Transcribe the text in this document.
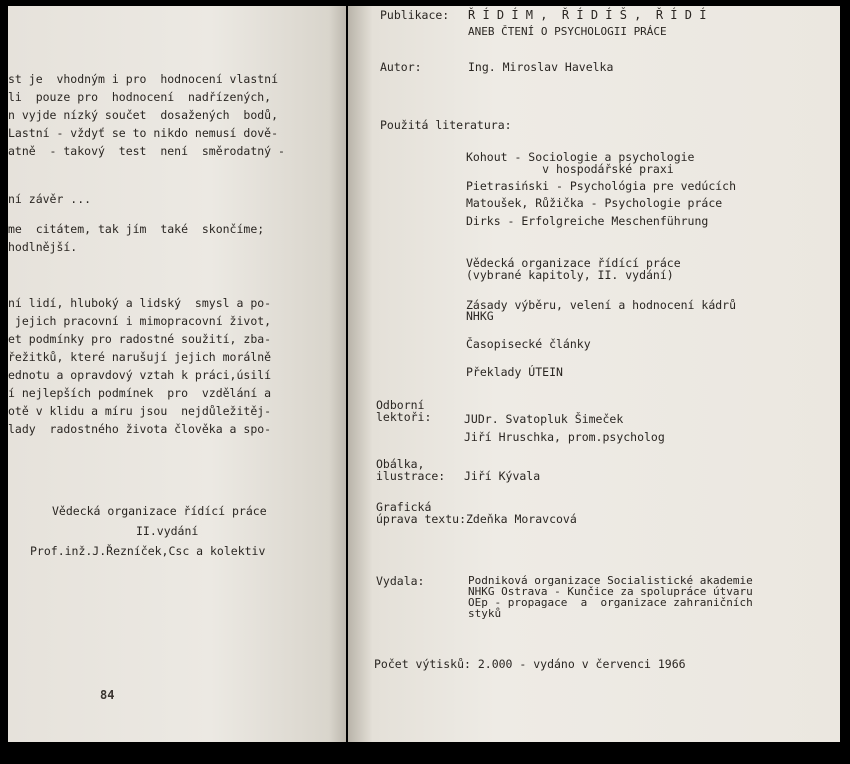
st je  vhodným i pro  hodnocení vlastní
li  pouze pro  hodnocení  nadřízených,
n vyjde nízký součet  dosažených  bodů,
Lastní - vždyť se to nikdo nemusí dově-
atně  - takový  test  není  směrodatný -
ní závěr ...
me  citátem, tak jím  také  skončíme;
hodlnější.
ní lidí, hluboký a lidský  smysl a po-
jejich pracovní i mimopracovní život,
et podmínky pro radostné soužití, zba-
řežitků, které narušují jejich morálně
ednotu a opravdový vztah k práci,úsilí
í nejlepších podmínek  pro  vzdělání a
otě v klidu a míru jsou  nejdůležitěj-
lady  radostného života člověka a spo-
Vědecká organizace řídící práce
II.vydání
Prof.inž.J.Řezníček,Csc a kolektiv
84
Publikace: Ř Í D Í M ,  Ř Í D Í Š ,  Ř Í D Í
ANEB ČTENÍ O PSYCHOLOGII PRÁCE
Autor:	Ing. Miroslav Havelka
Použitá literatura:
Kohout - Sociologie a psychologie
v hospodářské praxi
Pietrasiński - Psychológia pre vedúcích
Matoušek, Růžička - Psychologie práce
Dirks - Erfolgreiche Meschenführung
Vědecká organizace řídící práce
(vybrané kapitoly, II. vydání)
Zásady výběru, velení a hodnocení kádrů
NHKG
Časopisecké články
Překlady ÚTEIN
Odborní
lektoři:	JUDr. Svatopluk Šimeček
Jiří Hruschka, prom.psycholog
Obálka,
ilustrace: Jiří Kývala
Grafická
úprava textu: Zdeňka Moravcová
Vydala:	Podniková organizace Socialistické akademie
NHKG Ostrava - Kunčice za spolupráce útvaru
OEp - propagace  a  organizace zahraničních
styků
Počet výtisků: 2.000 - vydáno v červenci 1966
